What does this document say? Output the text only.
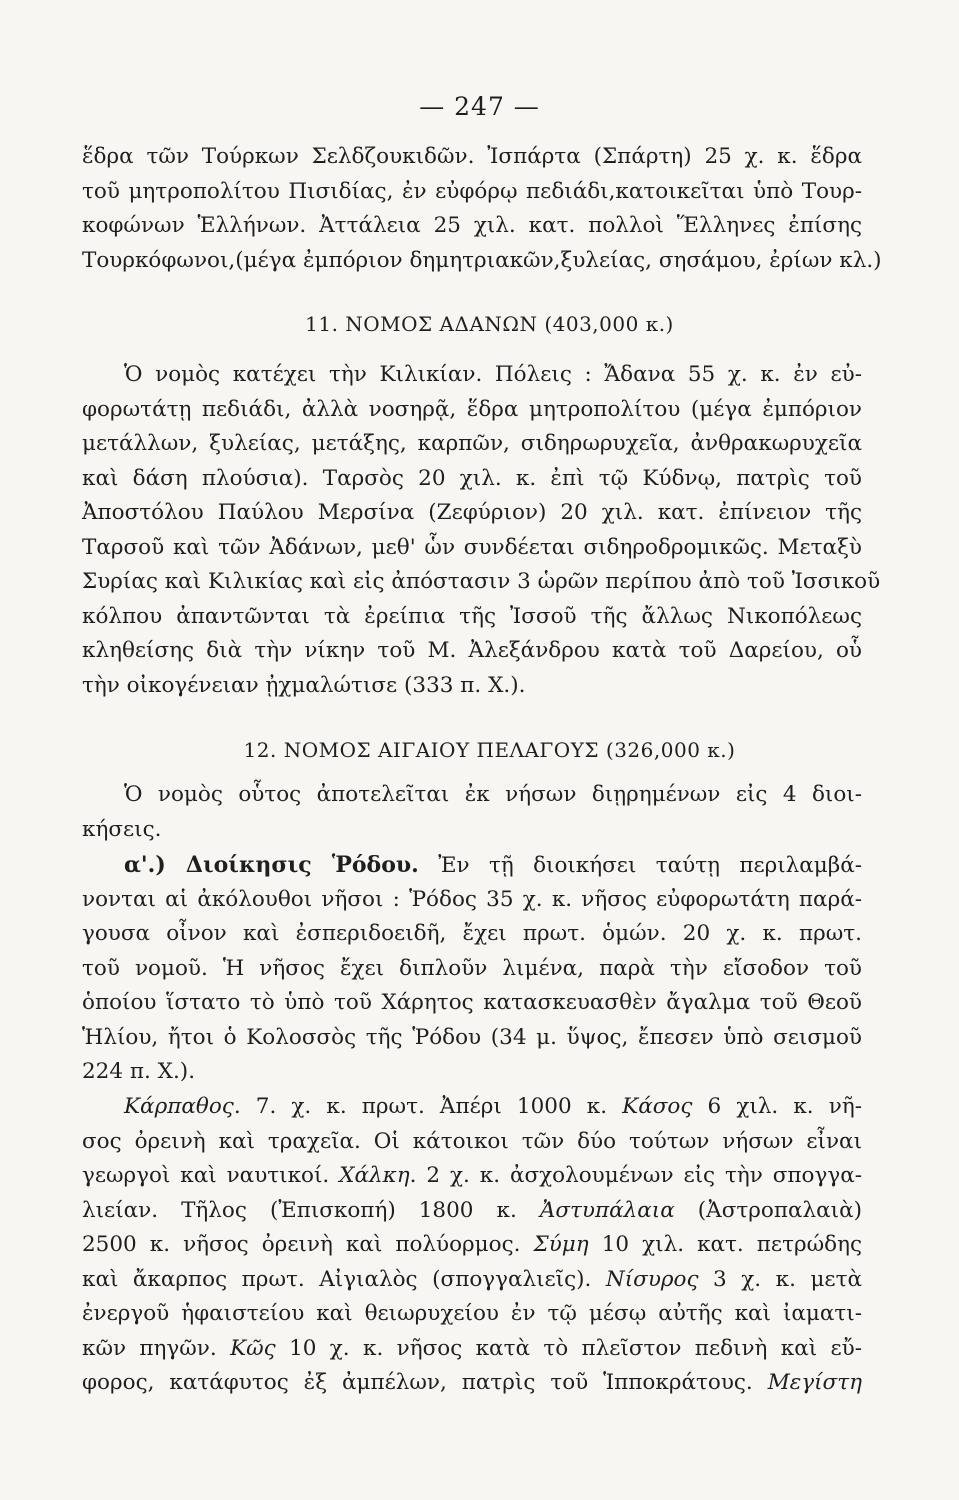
— 247 —
ἕδρα τῶν Τούρκων Σελδζουκιδῶν. Ἰσπάρτα (Σπάρτη) 25 χ. κ. ἕδρα
τοῦ μητροπολίτου Πισιδίας, ἐν εὐφόρῳ πεδιάδι,κατοικεῖται ὑπὸ Τουρ-
κοφώνων Ἑλλήνων. Ἀττάλεια 25 χιλ. κατ. πολλοὶ Ἕλληνες ἐπίσης
Τουρκόφωνοι,(μέγα ἐμπόριον δημητριακῶν,ξυλείας, σησάμου, ἐρίων κλ.)
11. ΝΟΜΟΣ ΑΔΑΝΩΝ (403,000 κ.)
Ὁ νομὸς κατέχει τὴν Κιλικίαν. Πόλεις : Ἄδανα 55 χ. κ. ἐν εὐ-
φορωτάτῃ πεδιάδι, ἀλλὰ νοσηρᾷ, ἕδρα μητροπολίτου (μέγα ἐμπόριον
μετάλλων, ξυλείας, μετάξης, καρπῶν, σιδηρωρυχεῖα, ἀνθρακωρυχεῖα
καὶ δάση πλούσια). Ταρσὸς 20 χιλ. κ. ἐπὶ τῷ Κύδνῳ, πατρὶς τοῦ
Ἀποστόλου Παύλου Μερσίνα (Ζεφύριον) 20 χιλ. κατ. ἐπίνειον τῆς
Ταρσοῦ καὶ τῶν Ἀδάνων, μεθ' ὧν συνδέεται σιδηροδρομικῶς. Μεταξὺ
Συρίας καὶ Κιλικίας καὶ εἰς ἀπόστασιν 3 ὡρῶν περίπου ἀπὸ τοῦ Ἰσσικοῦ
κόλπου ἀπαντῶνται τὰ ἐρείπια τῆς Ἰσσοῦ τῆς ἄλλως Νικοπόλεως
κληθείσης διὰ τὴν νίκην τοῦ Μ. Ἀλεξάνδρου κατὰ τοῦ Δαρείου, οὗ
τὴν οἰκογένειαν ᾐχμαλώτισε (333 π. Χ.).
12. ΝΟΜΟΣ ΑΙΓΑΙΟΥ ΠΕΛΑΓΟΥΣ (326,000 κ.)
Ὁ νομὸς οὗτος ἀποτελεῖται ἐκ νήσων διῃρημένων εἰς 4 διοι-
κήσεις.
α'.) Διοίκησις Ῥόδου. Ἐν τῇ διοικήσει ταύτῃ περιλαμβά-
νονται αἱ ἀκόλουθοι νῆσοι : Ῥόδος 35 χ. κ. νῆσος εὐφορωτάτη παρά-
γουσα οἶνον καὶ ἐσπεριδοειδῆ, ἔχει πρωτ. ὁμών. 20 χ. κ. πρωτ.
τοῦ νομοῦ. Ἡ νῆσος ἔχει διπλοῦν λιμένα, παρὰ τὴν εἴσοδον τοῦ
ὁποίου ἵστατο τὸ ὑπὸ τοῦ Χάρητος κατασκευασθὲν ἄγαλμα τοῦ Θεοῦ
Ἡλίου, ἤτοι ὁ Κολοσσὸς τῆς Ῥόδου (34 μ. ὕψος, ἔπεσεν ὑπὸ σεισμοῦ
224 π. Χ.).
Κάρπαθος. 7. χ. κ. πρωτ. Ἀπέρι 1000 κ. Κάσος 6 χιλ. κ. νῆ-
σος ὀρεινὴ καὶ τραχεῖα. Οἱ κάτοικοι τῶν δύο τούτων νήσων εἶναι
γεωργοὶ καὶ ναυτικοί. Χάλκη. 2 χ. κ. ἀσχολουμένων εἰς τὴν σπογγα-
λιείαν. Τῆλος (Ἐπισκοπή) 1800 κ. Ἀστυπάλαια (Ἀστροπαλαιὰ)
2500 κ. νῆσος ὀρεινὴ καὶ πολύορμος. Σύμη 10 χιλ. κατ. πετρώδης
καὶ ἄκαρπος πρωτ. Αἰγιαλὸς (σπογγαλιεῖς). Νίσυρος 3 χ. κ. μετὰ
ἐνεργοῦ ἡφαιστείου καὶ θειωρυχείου ἐν τῷ μέσῳ αὐτῆς καὶ ἰαματι-
κῶν πηγῶν. Κῶς 10 χ. κ. νῆσος κατὰ τὸ πλεῖστον πεδινὴ καὶ εὔ-
φορος, κατάφυτος ἐξ ἀμπέλων, πατρὶς τοῦ Ἱπποκράτους. Μεγίστη
